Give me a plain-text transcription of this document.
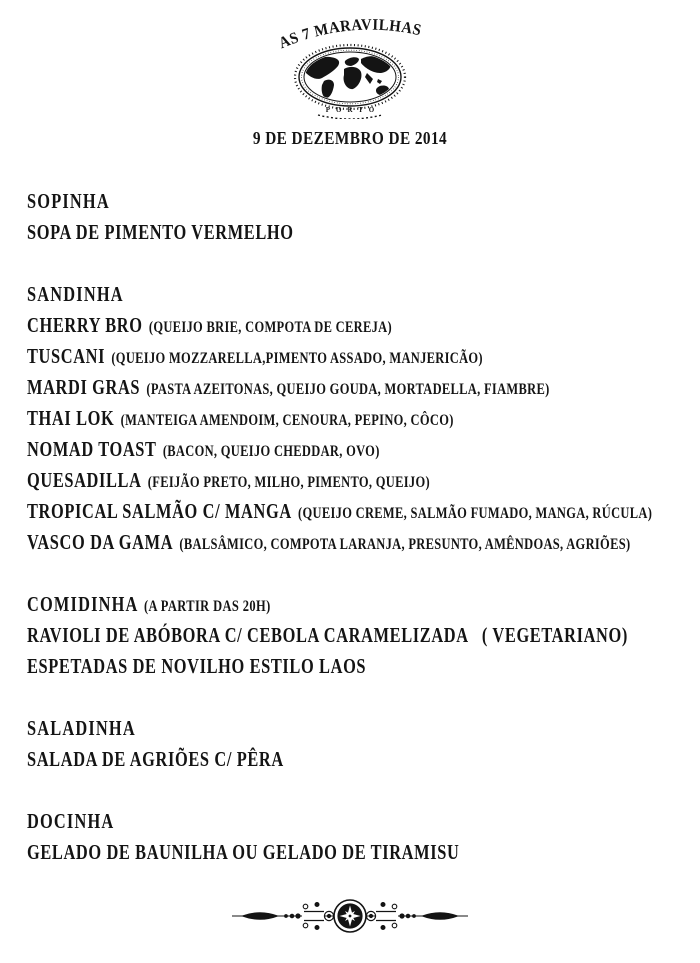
AS 7 MARAVILHAS
PORTO
9 DE DEZEMBRO DE 2014
SOPINHA
SOPA DE PIMENTO VERMELHO
SANDINHA
CHERRY BRO (QUEIJO BRIE, COMPOTA DE CEREJA)
TUSCANI (QUEIJO MOZZARELLA,PIMENTO ASSADO, MANJERICÃO)
MARDI GRAS (PASTA AZEITONAS, QUEIJO GOUDA, MORTADELLA, FIAMBRE)
THAI LOK (MANTEIGA AMENDOIM, CENOURA, PEPINO, CÔCO)
NOMAD TOAST (BACON, QUEIJO CHEDDAR, OVO)
QUESADILLA (FEIJÃO PRETO, MILHO, PIMENTO, QUEIJO)
TROPICAL SALMÃO C/ MANGA (QUEIJO CREME, SALMÃO FUMADO, MANGA, RÚCULA)
VASCO DA GAMA (BALSÂMICO, COMPOTA LARANJA, PRESUNTO, AMÊNDOAS, AGRIÕES)
COMIDINHA (A PARTIR DAS 20H)
RAVIOLI DE ABÓBORA C/ CEBOLA CARAMELIZADA   ( VEGETARIANO)
ESPETADAS DE NOVILHO ESTILO LAOS
SALADINHA
SALADA DE AGRIÕES C/ PÊRA
DOCINHA
GELADO DE BAUNILHA OU GELADO DE TIRAMISU
